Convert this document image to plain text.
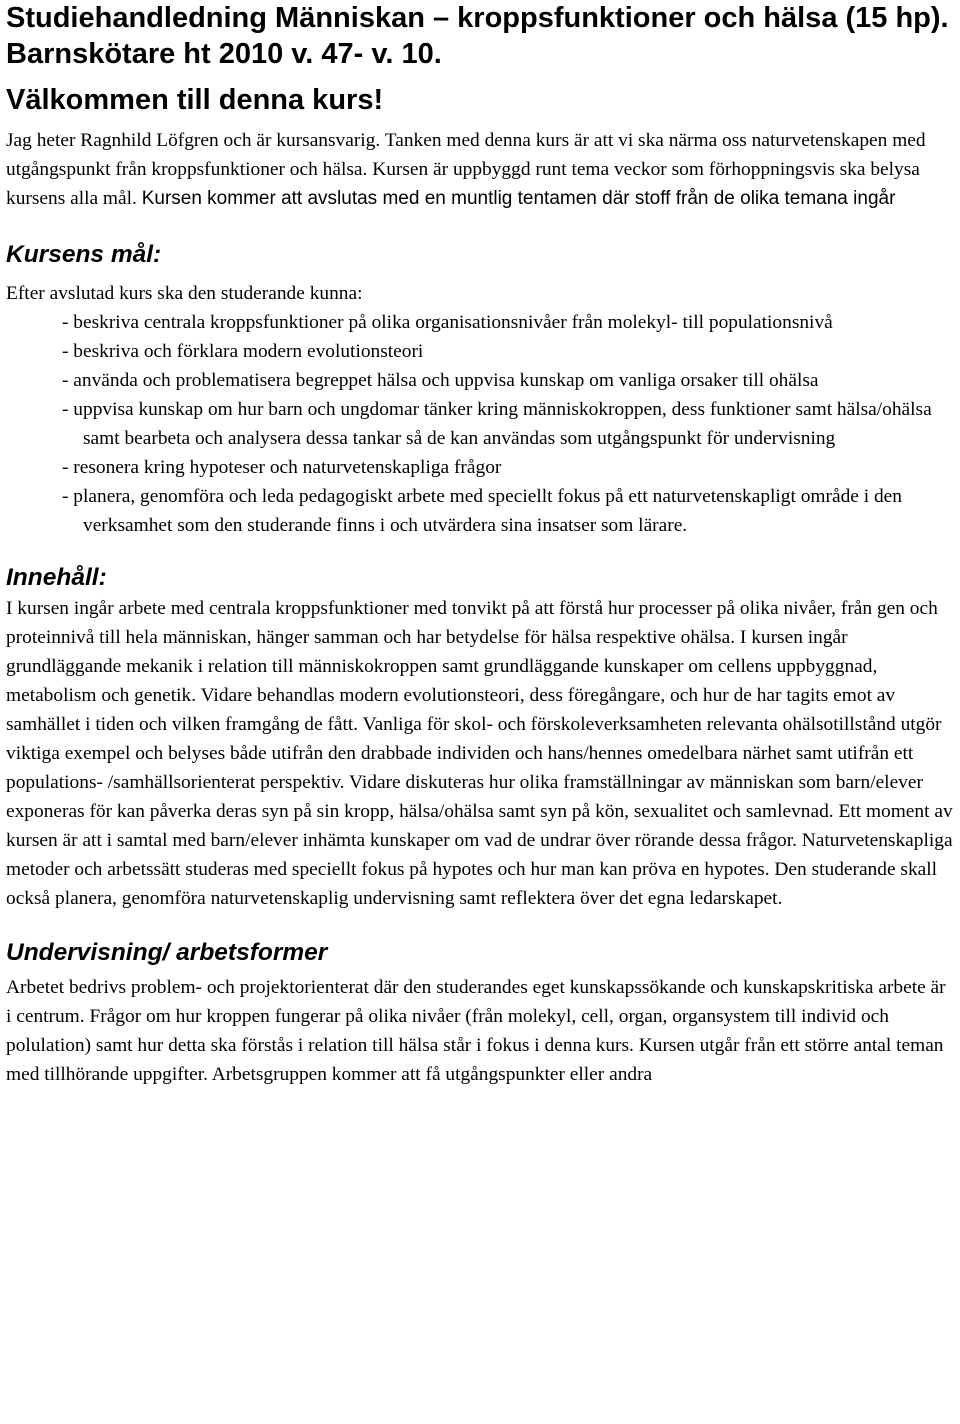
Studiehandledning Människan – kroppsfunktioner och hälsa (15 hp). Barnskötare ht 2010 v. 47- v. 10.
Välkommen till denna kurs!

Jag heter Ragnhild Löfgren och är kursansvarig. Tanken med denna kurs är att vi ska närma oss naturvetenskapen med utgångspunkt från kroppsfunktioner och hälsa. Kursen är uppbyggd runt tema veckor som förhoppningsvis ska belysa kursens alla mål. Kursen kommer att avslutas med en muntlig tentamen där stoff från de olika temana ingår

Kursens mål:

Efter avslutad kurs ska den studerande kunna:

- beskriva centrala kroppsfunktioner på olika organisationsnivåer från molekyl- till populationsnivå
- beskriva och förklara modern evolutionsteori
- använda och problematisera begreppet hälsa och uppvisa kunskap om vanliga orsaker till ohälsa
- uppvisa kunskap om hur barn och ungdomar tänker kring människokroppen, dess funktioner samt hälsa/ohälsa samt bearbeta och analysera dessa tankar så de kan användas som utgångspunkt för undervisning
- resonera kring hypoteser och naturvetenskapliga frågor
- planera, genomföra och leda pedagogiskt arbete med speciellt fokus på ett naturvetenskapligt område i den verksamhet som den studerande finns i och utvärdera sina insatser som lärare.
Innehåll:

I kursen ingår arbete med centrala kroppsfunktioner med tonvikt på att förstå hur processer på olika nivåer, från gen och proteinnivå till hela människan, hänger samman och har betydelse för hälsa respektive ohälsa. I kursen ingår grundläggande mekanik i relation till människokroppen samt grundläggande kunskaper om cellens uppbyggnad, metabolism och genetik. Vidare behandlas modern evolutionsteori, dess föregångare, och hur de har tagits emot av samhället i tiden och vilken framgång de fått. Vanliga för skol- och förskoleverksamheten relevanta ohälsotillstånd utgör viktiga exempel och belyses både utifrån den drabbade individen och hans/hennes omedelbara närhet samt utifrån ett populations- /samhällsorienterat perspektiv. Vidare diskuteras hur olika framställningar av människan som barn/elever exponeras för kan påverka deras syn på sin kropp, hälsa/ohälsa samt syn på kön, sexualitet och samlevnad. Ett moment av kursen är att i samtal med barn/elever inhämta kunskaper om vad de undrar över rörande dessa frågor. Naturvetenskapliga metoder och arbetssätt studeras med speciellt fokus på hypotes och hur man kan pröva en hypotes. Den studerande skall också planera, genomföra naturvetenskaplig undervisning samt reflektera över det egna ledarskapet.

Undervisning/ arbetsformer

Arbetet bedrivs problem- och projektorienterat där den studerandes eget kunskapssökande och kunskapskritiska arbete är i centrum. Frågor om hur kroppen fungerar på olika nivåer (från molekyl, cell, organ, organsystem till individ och polulation) samt hur detta ska förstås i relation till hälsa står i fokus i denna kurs. Kursen utgår från ett större antal teman med tillhörande uppgifter. Arbetsgruppen kommer att få utgångspunkter eller andra
